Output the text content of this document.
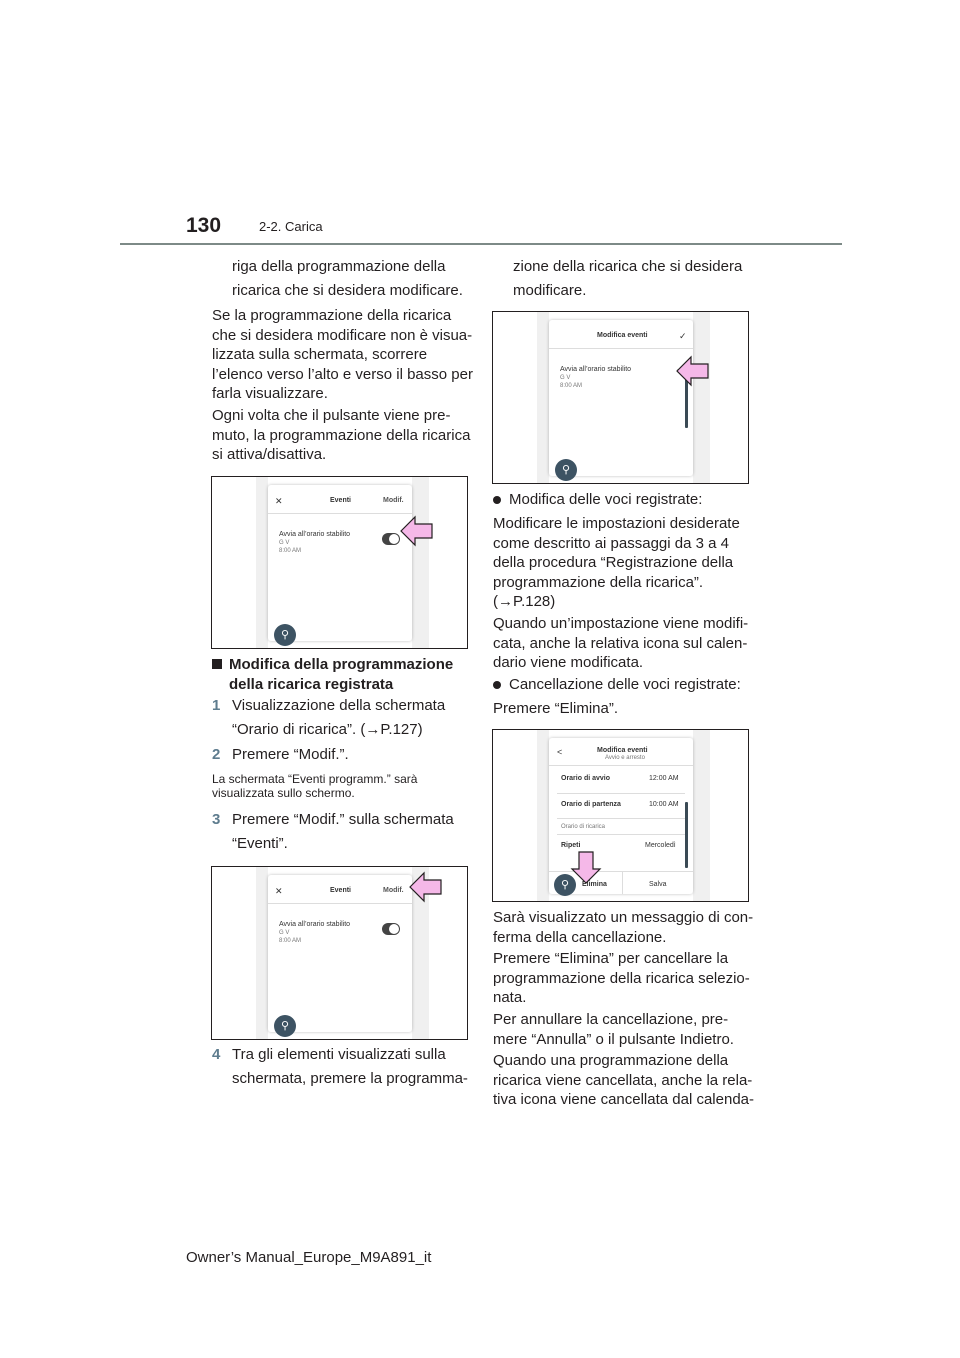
130	2-2. Carica
riga della programmazione della
ricarica che si desidera modificare.
Se la programmazione della ricarica
che si desidera modificare non è visua-
lizzata sulla schermata, scorrere
l’elenco verso l’alto e verso il basso per
farla visualizzare.
Ogni volta che il pulsante viene pre-
muto, la programmazione della ricarica
si attiva/disattiva.
✕	Eventi	Modif.
Avvia all’orario stabilito
G V
8:00 AM
⚲
Modifica della programmazione
della ricarica registrata
1 Visualizzazione della schermata
“Orario di ricarica”. (→P.127)
2 Premere “Modif.”.
La schermata “Eventi programm.” sarà
visualizzata sullo schermo.
3 Premere “Modif.” sulla schermata
“Eventi”.
✕	Eventi	Modif.
Avvia all’orario stabilito
G V
8:00 AM
⚲
4 Tra gli elementi visualizzati sulla
schermata, premere la programma-
zione della ricarica che si desidera
modificare.
Modifica eventi	✓
Avvia all’orario stabilito
G V
8:00 AM
⚲
Modifica delle voci registrate:
Modificare le impostazioni desiderate
come descritto ai passaggi da 3 a 4
della procedura “Registrazione della
programmazione della ricarica”.
(→P.128)
Quando un’impostazione viene modifi-
cata, anche la relativa icona sul calen-
dario viene modificata.
Cancellazione delle voci registrate:
Premere “Elimina”.
<	Modifica eventi
Avvio e arresto
Orario di avvio	12:00 AM
Orario di partenza	10:00 AM
Orario di ricarica
Ripeti	Mercoledì
⚲	Elimina	Salva
Sarà visualizzato un messaggio di con-
ferma della cancellazione.
Premere “Elimina” per cancellare la
programmazione della ricarica selezio-
nata.
Per annullare la cancellazione, pre-
mere “Annulla” o il pulsante Indietro.
Quando una programmazione della
ricarica viene cancellata, anche la rela-
tiva icona viene cancellata dal calenda-
Owner’s Manual_Europe_M9A891_it
